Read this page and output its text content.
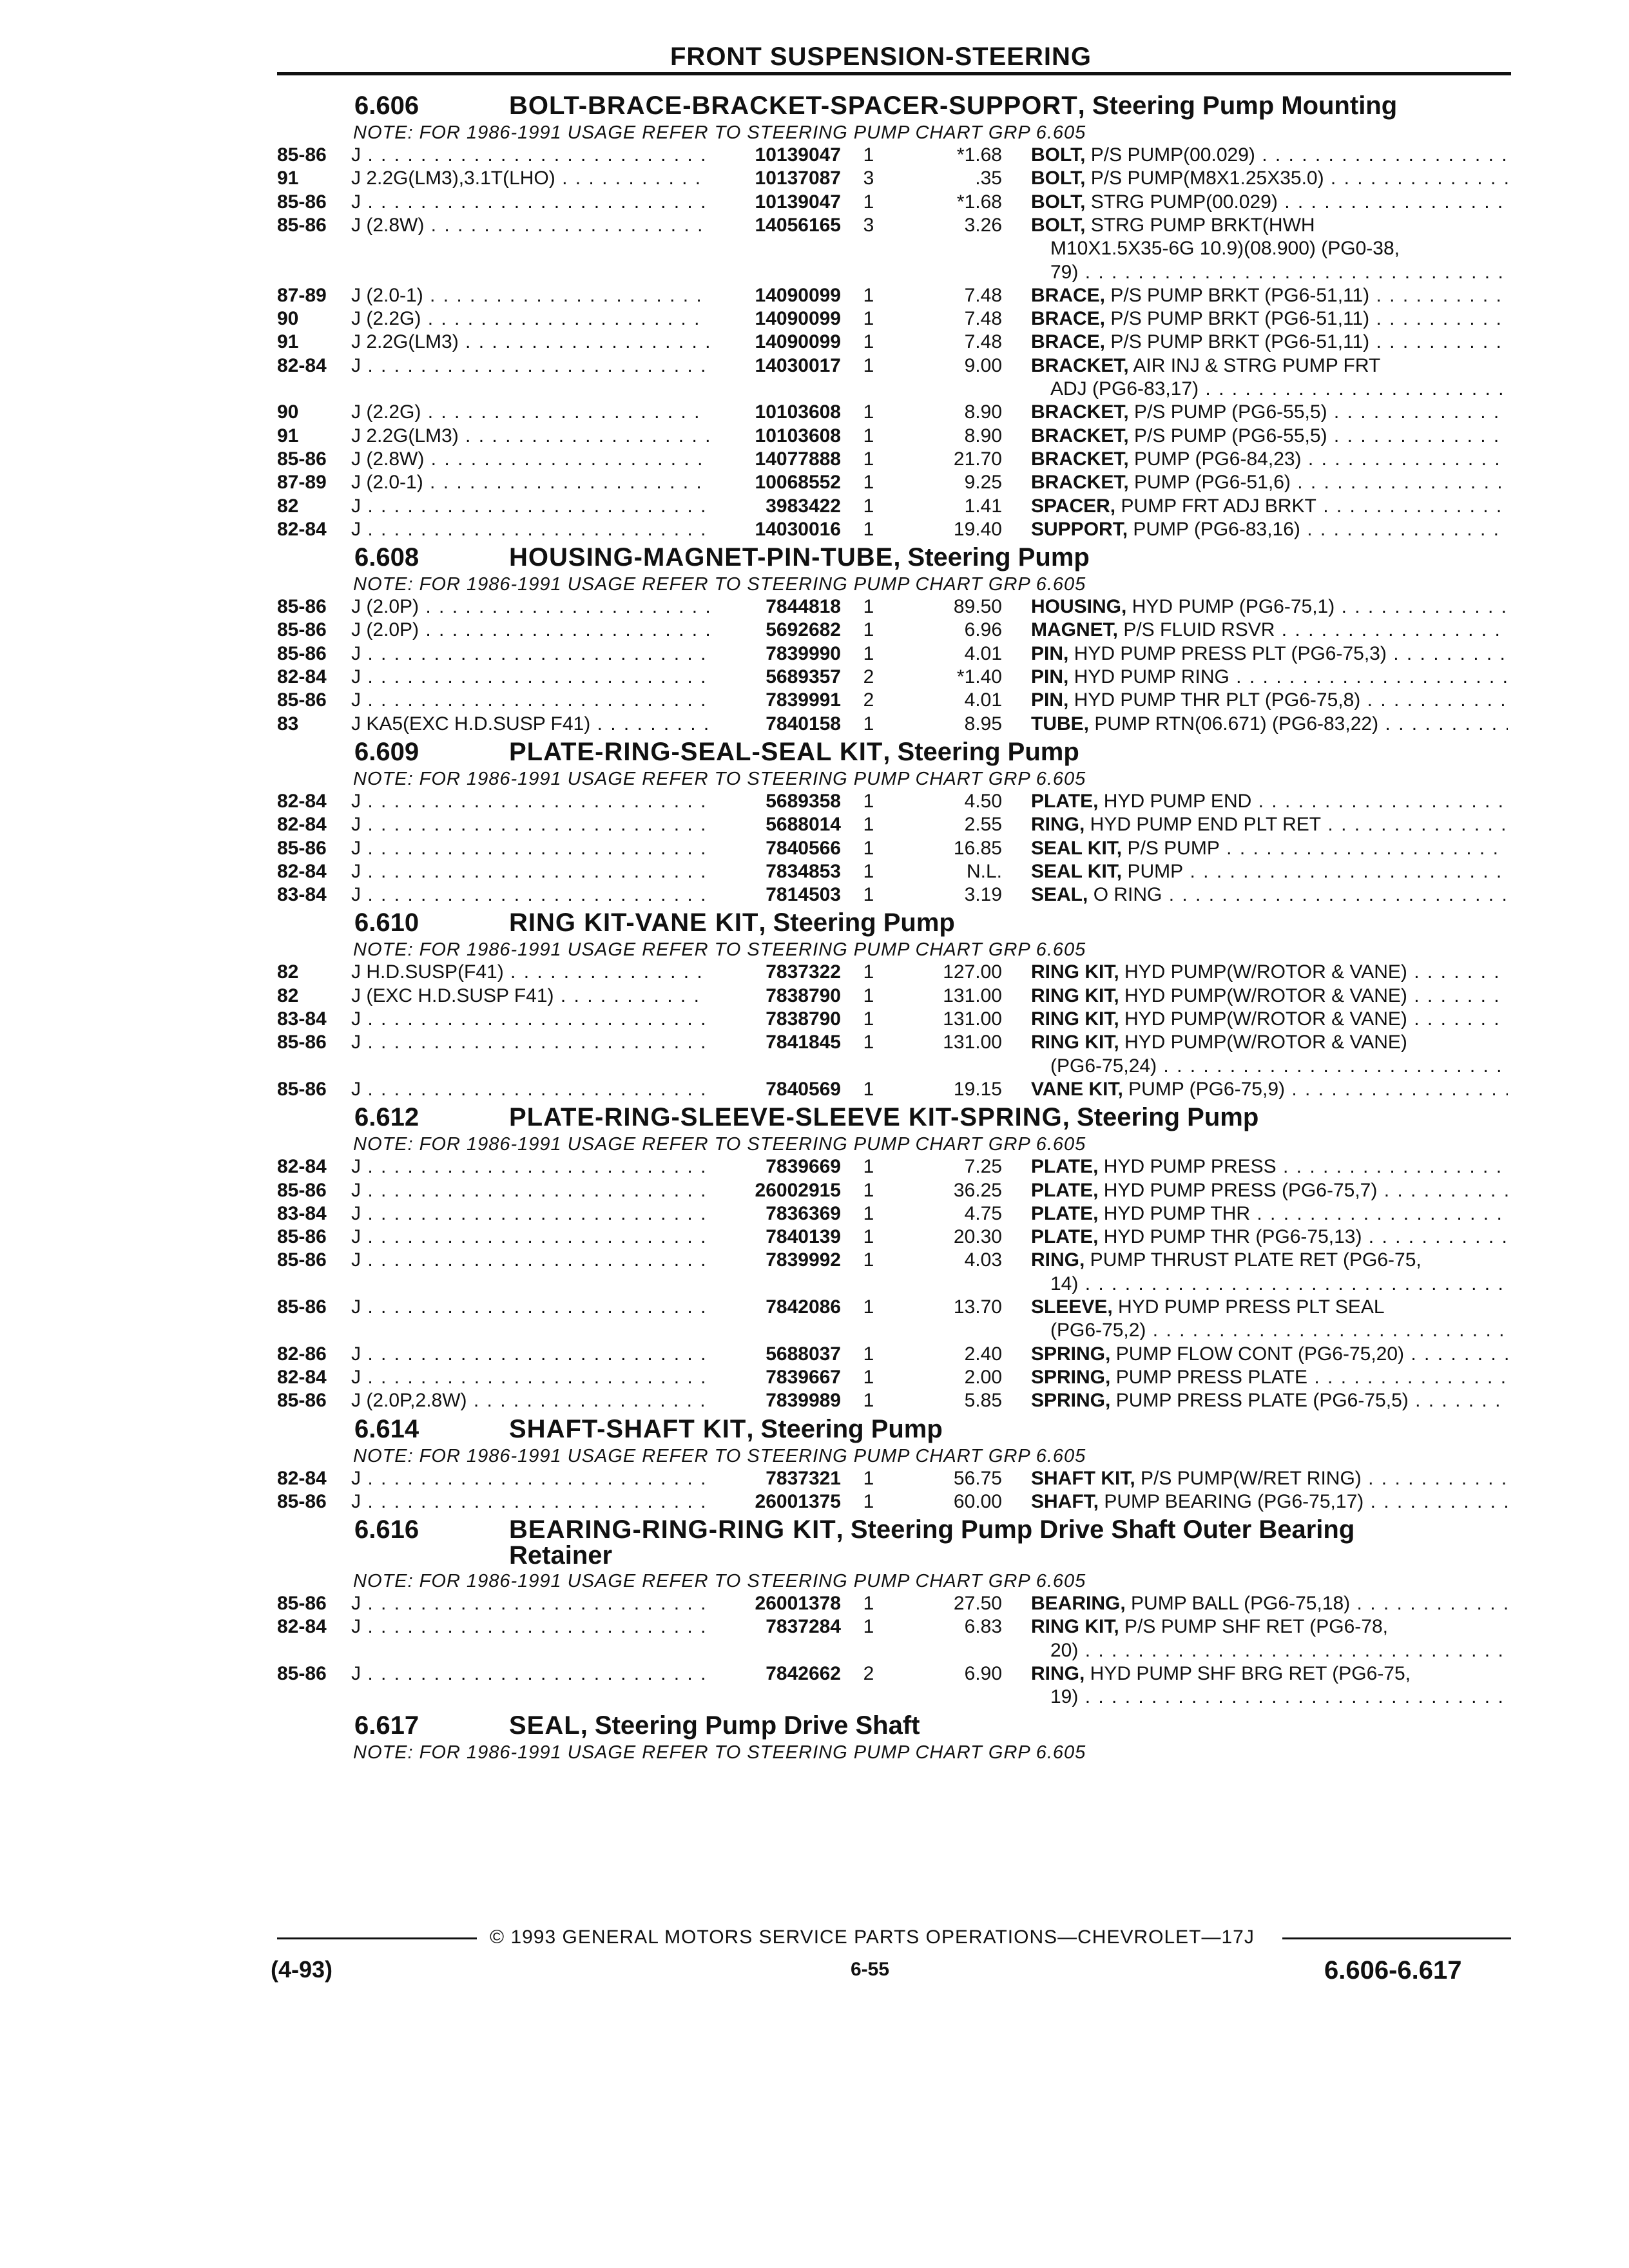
FRONT SUSPENSION-STEERING
6.606	BOLT-BRACE-BRACKET-SPACER-SUPPORT, Steering Pump Mounting
NOTE: FOR 1986-1991 USAGE REFER TO STEERING PUMP CHART GRP 6.605
85-86 J . . .	10139047	1	*1.68 BOLT, P/S PUMP(00.029) . . .
91	J 2.2G(LM3),3.1T(LHO) . . .	10137087	3	.35 BOLT, P/S PUMP(M8X1.25X35.0) . . .
85-86 J . . .	10139047	1	*1.68 BOLT, STRG PUMP(00.029) . . .
85-86 J (2.8W) . . .	14056165	3	3.26 BOLT, STRG PUMP BRKT(HWH
M10X1.5X35-6G 10.9)(08.900) (PG0-38,
79) . . .
87-89 J (2.0-1) . . .	14090099	1	7.48 BRACE, P/S PUMP BRKT (PG6-51,11) . . .
90	J (2.2G) . . .	14090099	1	7.48 BRACE, P/S PUMP BRKT (PG6-51,11) . . .
91	J 2.2G(LM3) . . .	14090099	1	7.48 BRACE, P/S PUMP BRKT (PG6-51,11) . . .
82-84 J . . .	14030017	1	9.00 BRACKET, AIR INJ & STRG PUMP FRT
ADJ (PG6-83,17) . . .
90	J (2.2G) . . .	10103608	1	8.90 BRACKET, P/S PUMP (PG6-55,5) . . .
91	J 2.2G(LM3) . . .	10103608	1	8.90 BRACKET, P/S PUMP (PG6-55,5) . . .
85-86 J (2.8W) . . .	14077888	1	21.70 BRACKET, PUMP (PG6-84,23) . . .
87-89 J (2.0-1) . . .	10068552	1	9.25 BRACKET, PUMP (PG6-51,6) . . .
82	J . . .	3983422	1	1.41 SPACER, PUMP FRT ADJ BRKT . . .
82-84 J . . .	14030016	1	19.40 SUPPORT, PUMP (PG6-83,16) . . .
6.608	HOUSING-MAGNET-PIN-TUBE, Steering Pump
NOTE: FOR 1986-1991 USAGE REFER TO STEERING PUMP CHART GRP 6.605
85-86 J (2.0P) . . .	7844818	1	89.50 HOUSING, HYD PUMP (PG6-75,1) . . .
85-86 J (2.0P) . . .	5692682	1	6.96 MAGNET, P/S FLUID RSVR . . .
85-86 J . . .	7839990	1	4.01 PIN, HYD PUMP PRESS PLT (PG6-75,3) . . .
82-84 J . . .	5689357	2	*1.40 PIN, HYD PUMP RING . . .
85-86 J . . .	7839991	2	4.01 PIN, HYD PUMP THR PLT (PG6-75,8) . . .
83	J KA5(EXC H.D.SUSP F41) . . .	7840158	1	8.95 TUBE, PUMP RTN(06.671) (PG6-83,22) . . .
6.609	PLATE-RING-SEAL-SEAL KIT, Steering Pump
NOTE: FOR 1986-1991 USAGE REFER TO STEERING PUMP CHART GRP 6.605
82-84 J . . .	5689358	1	4.50 PLATE, HYD PUMP END . . .
82-84 J . . .	5688014	1	2.55 RING, HYD PUMP END PLT RET . . .
85-86 J . . .	7840566	1	16.85 SEAL KIT, P/S PUMP . . .
82-84 J . . .	7834853	1	N.L. SEAL KIT, PUMP . . .
83-84 J . . .	7814503	1	3.19 SEAL, O RING . . .
6.610	RING KIT-VANE KIT, Steering Pump
NOTE: FOR 1986-1991 USAGE REFER TO STEERING PUMP CHART GRP 6.605
82	J H.D.SUSP(F41) . . .	7837322	1	127.00 RING KIT, HYD PUMP(W/ROTOR & VANE) . . .
82	J (EXC H.D.SUSP F41) . . .	7838790	1	131.00 RING KIT, HYD PUMP(W/ROTOR & VANE) . . .
83-84 J . . .	7838790	1	131.00 RING KIT, HYD PUMP(W/ROTOR & VANE) . . .
85-86 J . . .	7841845	1	131.00 RING KIT, HYD PUMP(W/ROTOR & VANE)
(PG6-75,24) . . .
85-86 J . . .	7840569	1	19.15 VANE KIT, PUMP (PG6-75,9) . . .
6.612	PLATE-RING-SLEEVE-SLEEVE KIT-SPRING, Steering Pump
NOTE: FOR 1986-1991 USAGE REFER TO STEERING PUMP CHART GRP 6.605
82-84 J . . .	7839669	1	7.25 PLATE, HYD PUMP PRESS . . .
85-86 J . . .	26002915	1	36.25 PLATE, HYD PUMP PRESS (PG6-75,7) . . .
83-84 J . . .	7836369	1	4.75 PLATE, HYD PUMP THR . . .
85-86 J . . .	7840139	1	20.30 PLATE, HYD PUMP THR (PG6-75,13) . . .
85-86 J . . .	7839992	1	4.03 RING, PUMP THRUST PLATE RET (PG6-75,
14) . . .
85-86 J . . .	7842086	1	13.70 SLEEVE, HYD PUMP PRESS PLT SEAL
(PG6-75,2) . . .
82-86 J . . .	5688037	1	2.40 SPRING, PUMP FLOW CONT (PG6-75,20) . . .
82-84 J . . .	7839667	1	2.00 SPRING, PUMP PRESS PLATE . . .
85-86 J (2.0P,2.8W) . . .	7839989	1	5.85 SPRING, PUMP PRESS PLATE (PG6-75,5) . . .
6.614	SHAFT-SHAFT KIT, Steering Pump
NOTE: FOR 1986-1991 USAGE REFER TO STEERING PUMP CHART GRP 6.605
82-84 J . . .	7837321	1	56.75 SHAFT KIT, P/S PUMP(W/RET RING) . . .
85-86 J . . .	26001375	1	60.00 SHAFT, PUMP BEARING (PG6-75,17) . . .
6.616	BEARING-RING-RING KIT, Steering Pump Drive Shaft Outer Bearing
Retainer
NOTE: FOR 1986-1991 USAGE REFER TO STEERING PUMP CHART GRP 6.605
85-86 J . . .	26001378	1	27.50 BEARING, PUMP BALL (PG6-75,18) . . .
82-84 J . . .	7837284	1	6.83 RING KIT, P/S PUMP SHF RET (PG6-78,
20) . . .
85-86 J . . .	7842662	2	6.90 RING, HYD PUMP SHF BRG RET (PG6-75,
19) . . .
6.617	SEAL, Steering Pump Drive Shaft
NOTE: FOR 1986-1991 USAGE REFER TO STEERING PUMP CHART GRP 6.605
© 1993 GENERAL MOTORS SERVICE PARTS OPERATIONS—CHEVROLET—17J
(4-93)	6-55	6.606-6.617
